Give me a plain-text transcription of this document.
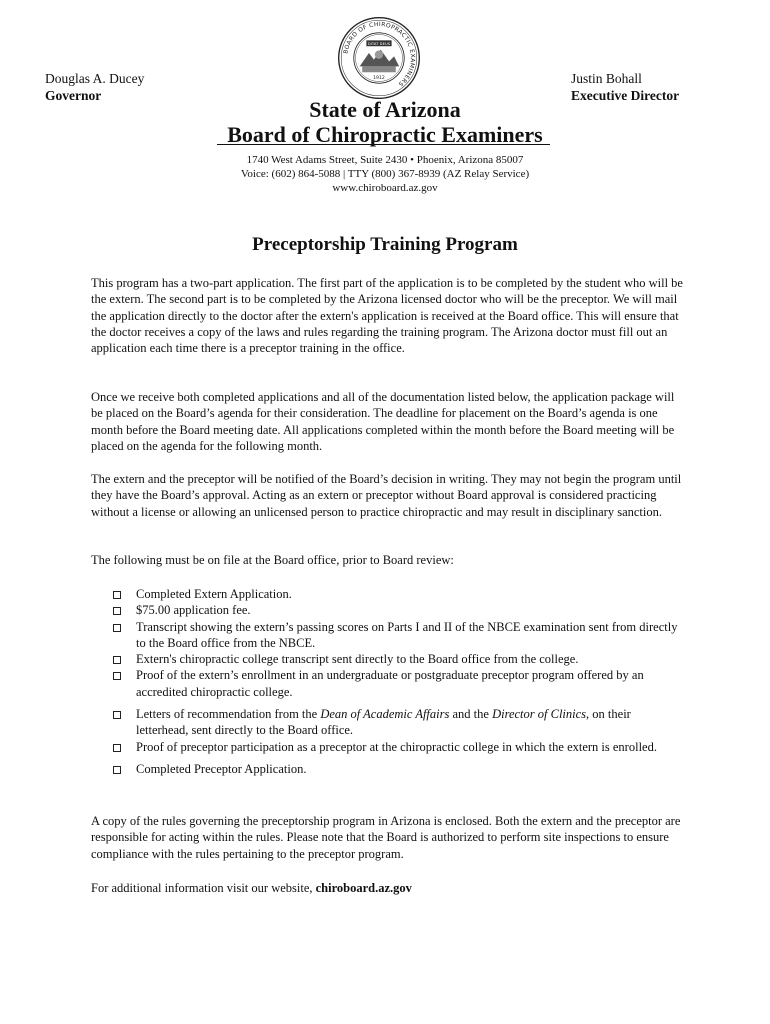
Douglas A. Ducey
Governor
Justin Bohall
Executive Director
BOARD OF CHIROPRACTIC EXAMINERS
DITAT DEUS
1912
State of Arizona
Board of Chiropractic Examiners
1740 West Adams Street, Suite 2430 • Phoenix, Arizona 85007
Voice: (602) 864-5088 | TTY (800) 367-8939 (AZ Relay Service)
www.chiroboard.az.gov
Preceptorship Training Program

This program has a two-part application. The first part of the application is to be completed by the student who will be the extern. The second part is to be completed by the Arizona licensed doctor who will be the preceptor. We will mail the application directly to the doctor after the extern's application is received at the Board office. This will ensure that the doctor receives a copy of the laws and rules regarding the training program. The Arizona doctor must fill out an application each time there is a preceptor training in the office.

Once we receive both completed applications and all of the documentation listed below, the application package will be placed on the Board’s agenda for their consideration. The deadline for placement on the Board’s agenda is one month before the Board meeting date. All applications completed within the month before the Board meeting will be placed on the agenda for the following month.

The extern and the preceptor will be notified of the Board’s decision in writing. They may not begin the program until they have the Board’s approval. Acting as an extern or preceptor without Board approval is considered practicing without a license or allowing an unlicensed person to practice chiropractic and may result in disciplinary sanction.

The following must be on file at the Board office, prior to Board review:

Completed Extern Application.
$75.00 application fee.
Transcript showing the extern’s passing scores on Parts I and II of the NBCE examination sent from directly to the Board office from the NBCE.
Extern's chiropractic college transcript sent directly to the Board office from the college.
Proof of the extern’s enrollment in an undergraduate or postgraduate preceptor program offered by an accredited chiropractic college.
Letters of recommendation from the Dean of Academic Affairs and the Director of Clinics, on their letterhead, sent directly to the Board office.
Proof of preceptor participation as a preceptor at the chiropractic college in which the extern is enrolled.
Completed Preceptor Application.

A copy of the rules governing the preceptorship program in Arizona is enclosed. Both the extern and the preceptor are responsible for acting within the rules. Please note that the Board is authorized to perform site inspections to ensure compliance with the rules pertaining to the preceptor program.

For additional information visit our website, chiroboard.az.gov
